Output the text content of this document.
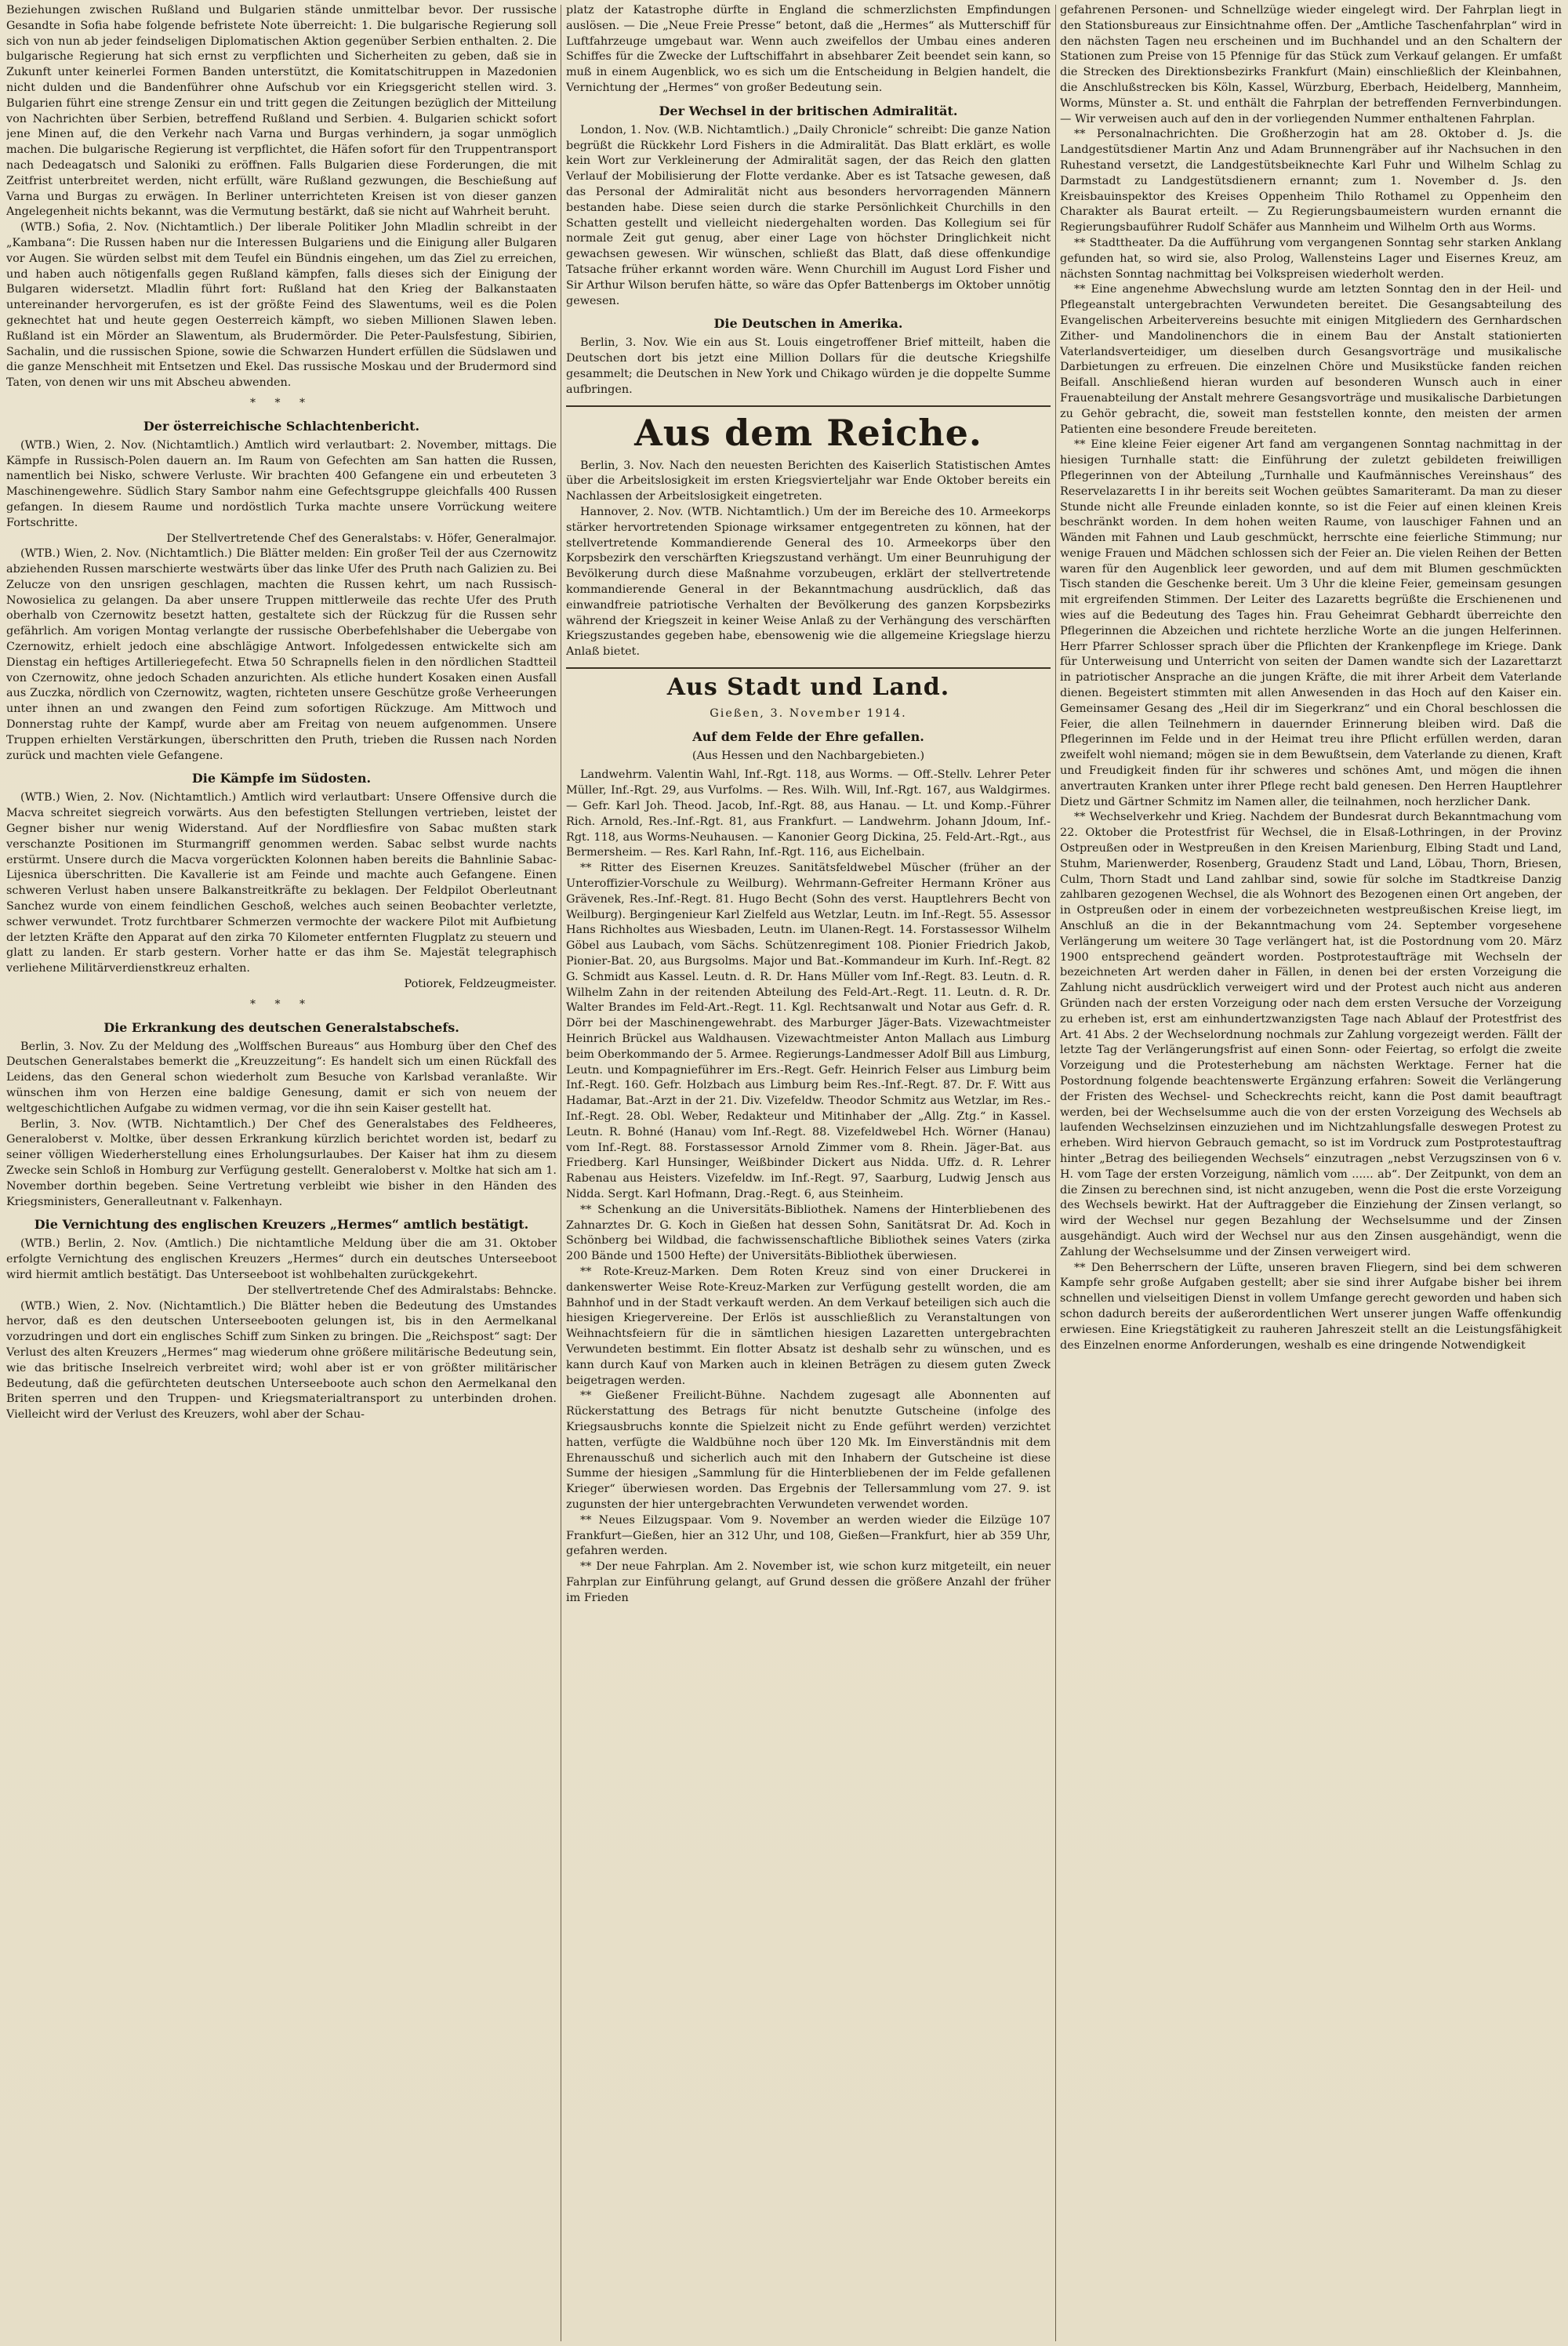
Beziehungen zwischen Rußland und Bulgarien stände unmittelbar bevor. Der russische Gesandte in Sofia habe folgende befristete Note überreicht: 1. Die bulgarische Regierung soll sich von nun ab jeder feindseligen Diplomatischen Aktion gegenüber Serbien enthalten. 2. Die bulgarische Regierung hat sich ernst zu verpflichten und Sicherheiten zu geben, daß sie in Zukunft unter keinerlei Formen Banden unterstützt, die Komitatschitruppen in Mazedonien nicht dulden und die Bandenführer ohne Aufschub vor ein Kriegsgericht stellen wird. 3. Bulgarien führt eine strenge Zensur ein und tritt gegen die Zeitungen bezüglich der Mitteilung von Nachrichten über Serbien, betreffend Rußland und Serbien. 4. Bulgarien schickt sofort jene Minen auf, die den Verkehr nach Varna und Burgas verhindern, ja sogar unmöglich machen. Die bulgarische Regierung ist verpflichtet, die Häfen sofort für den Truppentransport nach Dedeagatsch und Saloniki zu eröffnen. Falls Bulgarien diese Forderungen, die mit Zeitfrist unterbreitet werden, nicht erfüllt, wäre Rußland gezwungen, die Beschießung auf Varna und Burgas zu erwägen. In Berliner unterrichteten Kreisen ist von dieser ganzen Angelegenheit nichts bekannt, was die Vermutung bestärkt, daß sie nicht auf Wahrheit beruht.

(WTB.) Sofia, 2. Nov. (Nichtamtlich.) Der liberale Politiker John Mladlin schreibt in der „Kambana“: Die Russen haben nur die Interessen Bulgariens und die Einigung aller Bulgaren vor Augen. Sie würden selbst mit dem Teufel ein Bündnis eingehen, um das Ziel zu erreichen, und haben auch nötigenfalls gegen Rußland kämpfen, falls dieses sich der Einigung der Bulgaren widersetzt. Mladlin führt fort: Rußland hat den Krieg der Balkanstaaten untereinander hervorgerufen, es ist der größte Feind des Slawentums, weil es die Polen geknechtet hat und heute gegen Oesterreich kämpft, wo sieben Millionen Slawen leben. Rußland ist ein Mörder an Slawentum, als Brudermörder. Die Peter-Paulsfestung, Sibirien, Sachalin, und die russischen Spione, sowie die Schwarzen Hundert erfüllen die Südslawen und die ganze Menschheit mit Entsetzen und Ekel. Das russische Moskau und der Brudermord sind Taten, von denen wir uns mit Abscheu abwenden.

* * *
Der österreichische Schlachtenbericht.

(WTB.) Wien, 2. Nov. (Nichtamtlich.) Amtlich wird verlautbart: 2. November, mittags. Die Kämpfe in Russisch-Polen dauern an. Im Raum von Gefechten am San hatten die Russen, namentlich bei Nisko, schwere Verluste. Wir brachten 400 Gefangene ein und erbeuteten 3 Maschinengewehre. Südlich Stary Sambor nahm eine Gefechtsgruppe gleichfalls 400 Russen gefangen. In diesem Raume und nordöstlich Turka machte unsere Vorrückung weitere Fortschritte.

Der Stellvertretende Chef des Generalstabs: v. Höfer, Generalmajor.

(WTB.) Wien, 2. Nov. (Nichtamtlich.) Die Blätter melden: Ein großer Teil der aus Czernowitz abziehenden Russen marschierte westwärts über das linke Ufer des Pruth nach Galizien zu. Bei Zelucze von den unsrigen geschlagen, machten die Russen kehrt, um nach Russisch-Nowosielica zu gelangen. Da aber unsere Truppen mittlerweile das rechte Ufer des Pruth oberhalb von Czernowitz besetzt hatten, gestaltete sich der Rückzug für die Russen sehr gefährlich. Am vorigen Montag verlangte der russische Oberbefehlshaber die Uebergabe von Czernowitz, erhielt jedoch eine abschlägige Antwort. Infolgedessen entwickelte sich am Dienstag ein heftiges Artilleriegefecht. Etwa 50 Schrapnells fielen in den nördlichen Stadtteil von Czernowitz, ohne jedoch Schaden anzurichten. Als etliche hundert Kosaken einen Ausfall aus Zuczka, nördlich von Czernowitz, wagten, richteten unsere Geschütze große Verheerungen unter ihnen an und zwangen den Feind zum sofortigen Rückzuge. Am Mittwoch und Donnerstag ruhte der Kampf, wurde aber am Freitag von neuem aufgenommen. Unsere Truppen erhielten Verstärkungen, überschritten den Pruth, trieben die Russen nach Norden zurück und machten viele Gefangene.

Die Kämpfe im Südosten.

(WTB.) Wien, 2. Nov. (Nichtamtlich.) Amtlich wird verlautbart: Unsere Offensive durch die Macva schreitet siegreich vorwärts. Aus den befestigten Stellungen vertrieben, leistet der Gegner bisher nur wenig Widerstand. Auf der Nordfliesfire von Sabac mußten stark verschanzte Positionen im Sturmangriff genommen werden. Sabac selbst wurde nachts erstürmt. Unsere durch die Macva vorgerückten Kolonnen haben bereits die Bahnlinie Sabac-Lijesnica überschritten. Die Kavallerie ist am Feinde und machte auch Gefangene. Einen schweren Verlust haben unsere Balkanstreitkräfte zu beklagen. Der Feldpilot Oberleutnant Sanchez wurde von einem feindlichen Geschoß, welches auch seinen Beobachter verletzte, schwer verwundet. Trotz furchtbarer Schmerzen vermochte der wackere Pilot mit Aufbietung der letzten Kräfte den Apparat auf den zirka 70 Kilometer entfernten Flugplatz zu steuern und glatt zu landen. Er starb gestern. Vorher hatte er das ihm Se. Majestät telegraphisch verliehene Militärverdienstkreuz erhalten.

Potiorek, Feldzeugmeister.

* * *
Die Erkrankung des deutschen Generalstabschefs.

Berlin, 3. Nov. Zu der Meldung des „Wolffschen Bureaus“ aus Homburg über den Chef des Deutschen Generalstabes bemerkt die „Kreuzzeitung“: Es handelt sich um einen Rückfall des Leidens, das den General schon wiederholt zum Besuche von Karlsbad veranlaßte. Wir wünschen ihm von Herzen eine baldige Genesung, damit er sich von neuem der weltgeschichtlichen Aufgabe zu widmen vermag, vor die ihn sein Kaiser gestellt hat.

Berlin, 3. Nov. (WTB. Nichtamtlich.) Der Chef des Generalstabes des Feldheeres, Generaloberst v. Moltke, über dessen Erkrankung kürzlich berichtet worden ist, bedarf zu seiner völligen Wiederherstellung eines Erholungsurlaubes. Der Kaiser hat ihm zu diesem Zwecke sein Schloß in Homburg zur Verfügung gestellt. Generaloberst v. Moltke hat sich am 1. November dorthin begeben. Seine Vertretung verbleibt wie bisher in den Händen des Kriegsministers, Generalleutnant v. Falkenhayn.

Die Vernichtung des englischen Kreuzers „Hermes“ amtlich bestätigt.

(WTB.) Berlin, 2. Nov. (Amtlich.) Die nichtamtliche Meldung über die am 31. Oktober erfolgte Vernichtung des englischen Kreuzers „Hermes“ durch ein deutsches Unterseeboot wird hiermit amtlich bestätigt. Das Unterseeboot ist wohlbehalten zurückgekehrt.

Der stellvertretende Chef des Admiralstabs: Behncke.

(WTB.) Wien, 2. Nov. (Nichtamtlich.) Die Blätter heben die Bedeutung des Umstandes hervor, daß es den deutschen Unterseebooten gelungen ist, bis in den Aermelkanal vorzudringen und dort ein englisches Schiff zum Sinken zu bringen. Die „Reichspost“ sagt: Der Verlust des alten Kreuzers „Hermes“ mag wiederum ohne größere militärische Bedeutung sein, wie das britische Inselreich verbreitet wird; wohl aber ist er von größter militärischer Bedeutung, daß die gefürchteten deutschen Unterseeboote auch schon den Aermelkanal den Briten sperren und den Truppen- und Kriegsmaterialtransport zu unterbinden drohen. Vielleicht wird der Verlust des Kreuzers, wohl aber der Schau-

platz der Katastrophe dürfte in England die schmerzlichsten Empfindungen auslösen. — Die „Neue Freie Presse“ betont, daß die „Hermes“ als Mutterschiff für Luftfahrzeuge umgebaut war. Wenn auch zweifellos der Umbau eines anderen Schiffes für die Zwecke der Luftschiffahrt in absehbarer Zeit beendet sein kann, so muß in einem Augenblick, wo es sich um die Entscheidung in Belgien handelt, die Vernichtung der „Hermes“ von großer Bedeutung sein.

Der Wechsel in der britischen Admiralität.

London, 1. Nov. (W.B. Nichtamtlich.) „Daily Chronicle“ schreibt: Die ganze Nation begrüßt die Rückkehr Lord Fishers in die Admiralität. Das Blatt erklärt, es wolle kein Wort zur Verkleinerung der Admiralität sagen, der das Reich den glatten Verlauf der Mobilisierung der Flotte verdanke. Aber es ist Tatsache gewesen, daß das Personal der Admiralität nicht aus besonders hervorragenden Männern bestanden habe. Diese seien durch die starke Persönlichkeit Churchills in den Schatten gestellt und vielleicht niedergehalten worden. Das Kollegium sei für normale Zeit gut genug, aber einer Lage von höchster Dringlichkeit nicht gewachsen gewesen. Wir wünschen, schließt das Blatt, daß diese offenkundige Tatsache früher erkannt worden wäre. Wenn Churchill im August Lord Fisher und Sir Arthur Wilson berufen hätte, so wäre das Opfer Battenbergs im Oktober unnötig gewesen.

Die Deutschen in Amerika.

Berlin, 3. Nov. Wie ein aus St. Louis eingetroffener Brief mitteilt, haben die Deutschen dort bis jetzt eine Million Dollars für die deutsche Kriegshilfe gesammelt; die Deutschen in New York und Chikago würden je die doppelte Summe aufbringen.

Aus dem Reiche.

Berlin, 3. Nov. Nach den neuesten Berichten des Kaiserlich Statistischen Amtes über die Arbeitslosigkeit im ersten Kriegsvierteljahr war Ende Oktober bereits ein Nachlassen der Arbeitslosigkeit eingetreten.

Hannover, 2. Nov. (WTB. Nichtamtlich.) Um der im Bereiche des 10. Armeekorps stärker hervortretenden Spionage wirksamer entgegentreten zu können, hat der stellvertretende Kommandierende General des 10. Armeekorps über den Korpsbezirk den verschärften Kriegszustand verhängt. Um einer Beunruhigung der Bevölkerung durch diese Maßnahme vorzubeugen, erklärt der stellvertretende kommandierende General in der Bekanntmachung ausdrücklich, daß das einwandfreie patriotische Verhalten der Bevölkerung des ganzen Korpsbezirks während der Kriegszeit in keiner Weise Anlaß zu der Verhängung des verschärften Kriegszustandes gegeben habe, ebensowenig wie die allgemeine Kriegslage hierzu Anlaß bietet.

Aus Stadt und Land.
Gießen, 3. November 1914.
Auf dem Felde der Ehre gefallen.
(Aus Hessen und den Nachbargebieten.)

Landwehrm. Valentin Wahl, Inf.-Rgt. 118, aus Worms. — Off.-Stellv. Lehrer Peter Müller, Inf.-Rgt. 29, aus Vurfolms. — Res. Wilh. Will, Inf.-Rgt. 167, aus Waldgirmes. — Gefr. Karl Joh. Theod. Jacob, Inf.-Rgt. 88, aus Hanau. — Lt. und Komp.-Führer Rich. Arnold, Res.-Inf.-Rgt. 81, aus Frankfurt. — Landwehrm. Johann Jdoum, Inf.-Rgt. 118, aus Worms-Neuhausen. — Kanonier Georg Dickina, 25. Feld-Art.-Rgt., aus Bermersheim. — Res. Karl Rahn, Inf.-Rgt. 116, aus Eichelbain.

** Ritter des Eisernen Kreuzes. Sanitätsfeldwebel Müscher (früher an der Unteroffizier-Vorschule zu Weilburg). Wehrmann-Gefreiter Hermann Kröner aus Grävenek, Res.-Inf.-Regt. 81. Hugo Becht (Sohn des verst. Hauptlehrers Becht von Weilburg). Bergingenieur Karl Zielfeld aus Wetzlar, Leutn. im Inf.-Regt. 55. Assessor Hans Richholtes aus Wiesbaden, Leutn. im Ulanen-Regt. 14. Forstassessor Wilhelm Göbel aus Laubach, vom Sächs. Schützenregiment 108. Pionier Friedrich Jakob, Pionier-Bat. 20, aus Burgsolms. Major und Bat.-Kommandeur im Kurh. Inf.-Regt. 82 G. Schmidt aus Kassel. Leutn. d. R. Dr. Hans Müller vom Inf.-Regt. 83. Leutn. d. R. Wilhelm Zahn in der reitenden Abteilung des Feld-Art.-Regt. 11. Leutn. d. R. Dr. Walter Brandes im Feld-Art.-Regt. 11. Kgl. Rechtsanwalt und Notar aus Gefr. d. R. Dörr bei der Maschinengewehrabt. des Marburger Jäger-Bats. Vizewachtmeister Heinrich Brückel aus Waldhausen. Vizewachtmeister Anton Mallach aus Limburg beim Oberkommando der 5. Armee. Regierungs-Landmesser Adolf Bill aus Limburg, Leutn. und Kompagnieführer im Ers.-Regt. Gefr. Heinrich Felser aus Limburg beim Inf.-Regt. 160. Gefr. Holzbach aus Limburg beim Res.-Inf.-Regt. 87. Dr. F. Witt aus Hadamar, Bat.-Arzt in der 21. Div. Vizefeldw. Theodor Schmitz aus Wetzlar, im Res.-Inf.-Regt. 28. Obl. Weber, Redakteur und Mitinhaber der „Allg. Ztg.“ in Kassel. Leutn. R. Bohné (Hanau) vom Inf.-Regt. 88. Vizefeldwebel Hch. Wörner (Hanau) vom Inf.-Regt. 88. Forstassessor Arnold Zimmer vom 8. Rhein. Jäger-Bat. aus Friedberg. Karl Hunsinger, Weißbinder Dickert aus Nidda. Uffz. d. R. Lehrer Rabenau aus Heisters. Vizefeldw. im Inf.-Regt. 97, Saarburg, Ludwig Jensch aus Nidda. Sergt. Karl Hofmann, Drag.-Regt. 6, aus Steinheim.

** Schenkung an die Universitäts-Bibliothek. Namens der Hinterbliebenen des Zahnarztes Dr. G. Koch in Gießen hat dessen Sohn, Sanitätsrat Dr. Ad. Koch in Schönberg bei Wildbad, die fachwissenschaftliche Bibliothek seines Vaters (zirka 200 Bände und 1500 Hefte) der Universitäts-Bibliothek überwiesen.

** Rote-Kreuz-Marken. Dem Roten Kreuz sind von einer Druckerei in dankenswerter Weise Rote-Kreuz-Marken zur Verfügung gestellt worden, die am Bahnhof und in der Stadt verkauft werden. An dem Verkauf beteiligen sich auch die hiesigen Kriegervereine. Der Erlös ist ausschließlich zu Veranstaltungen von Weihnachtsfeiern für die in sämtlichen hiesigen Lazaretten untergebrachten Verwundeten bestimmt. Ein flotter Absatz ist deshalb sehr zu wünschen, und es kann durch Kauf von Marken auch in kleinen Beträgen zu diesem guten Zweck beigetragen werden.

** Gießener Freilicht-Bühne. Nachdem zugesagt alle Abonnenten auf Rückerstattung des Betrags für nicht benutzte Gutscheine (infolge des Kriegsausbruchs konnte die Spielzeit nicht zu Ende geführt werden) verzichtet hatten, verfügte die Waldbühne noch über 120 Mk. Im Einverständnis mit dem Ehrenausschuß und sicherlich auch mit den Inhabern der Gutscheine ist diese Summe der hiesigen „Sammlung für die Hinterbliebenen der im Felde gefallenen Krieger“ überwiesen worden. Das Ergebnis der Tellersammlung vom 27. 9. ist zugunsten der hier untergebrachten Verwundeten verwendet worden.

** Neues Eilzugspaar. Vom 9. November an werden wieder die Eilzüge 107 Frankfurt—Gießen, hier an 312 Uhr, und 108, Gießen—Frankfurt, hier ab 359 Uhr, gefahren werden.

** Der neue Fahrplan. Am 2. November ist, wie schon kurz mitgeteilt, ein neuer Fahrplan zur Einführung gelangt, auf Grund dessen die größere Anzahl der früher im Frieden

gefahrenen Personen- und Schnellzüge wieder eingelegt wird. Der Fahrplan liegt in den Stationsbureaus zur Einsichtnahme offen. Der „Amtliche Taschenfahrplan“ wird in den nächsten Tagen neu erscheinen und im Buchhandel und an den Schaltern der Stationen zum Preise von 15 Pfennige für das Stück zum Verkauf gelangen. Er umfaßt die Strecken des Direktionsbezirks Frankfurt (Main) einschließlich der Kleinbahnen, die Anschlußstrecken bis Köln, Kassel, Würzburg, Eberbach, Heidelberg, Mannheim, Worms, Münster a. St. und enthält die Fahrplan der betreffenden Fernverbindungen. — Wir verweisen auch auf den in der vorliegenden Nummer enthaltenen Fahrplan.

** Personalnachrichten. Die Großherzogin hat am 28. Oktober d. Js. die Landgestütsdiener Martin Anz und Adam Brunnengräber auf ihr Nachsuchen in den Ruhestand versetzt, die Landgestütsbeiknechte Karl Fuhr und Wilhelm Schlag zu Darmstadt zu Landgestütsdienern ernannt; zum 1. November d. Js. den Kreisbauinspektor des Kreises Oppenheim Thilo Rothamel zu Oppenheim den Charakter als Baurat erteilt. — Zu Regierungsbaumeistern wurden ernannt die Regierungsbauführer Rudolf Schäfer aus Mannheim und Wilhelm Orth aus Worms.

** Stadttheater. Da die Aufführung vom vergangenen Sonntag sehr starken Anklang gefunden hat, so wird sie, also Prolog, Wallensteins Lager und Eisernes Kreuz, am nächsten Sonntag nachmittag bei Volkspreisen wiederholt werden.

** Eine angenehme Abwechslung wurde am letzten Sonntag den in der Heil- und Pflegeanstalt untergebrachten Verwundeten bereitet. Die Gesangsabteilung des Evangelischen Arbeitervereins besuchte mit einigen Mitgliedern des Gernhardschen Zither- und Mandolinenchors die in einem Bau der Anstalt stationierten Vaterlandsverteidiger, um dieselben durch Gesangsvorträge und musikalische Darbietungen zu erfreuen. Die einzelnen Chöre und Musikstücke fanden reichen Beifall. Anschließend hieran wurden auf besonderen Wunsch auch in einer Frauenabteilung der Anstalt mehrere Gesangsvorträge und musikalische Darbietungen zu Gehör gebracht, die, soweit man feststellen konnte, den meisten der armen Patienten eine besondere Freude bereiteten.

** Eine kleine Feier eigener Art fand am vergangenen Sonntag nachmittag in der hiesigen Turnhalle statt: die Einführung der zuletzt gebildeten freiwilligen Pflegerinnen von der Abteilung „Turnhalle und Kaufmännisches Vereinshaus“ des Reservelazaretts I in ihr bereits seit Wochen geübtes Samariteramt. Da man zu dieser Stunde nicht alle Freunde einladen konnte, so ist die Feier auf einen kleinen Kreis beschränkt worden. In dem hohen weiten Raume, von lauschiger Fahnen und an Wänden mit Fahnen und Laub geschmückt, herrschte eine feierliche Stimmung; nur wenige Frauen und Mädchen schlossen sich der Feier an. Die vielen Reihen der Betten waren für den Augenblick leer geworden, und auf dem mit Blumen geschmückten Tisch standen die Geschenke bereit. Um 3 Uhr die kleine Feier, gemeinsam gesungen mit ergreifenden Stimmen. Der Leiter des Lazaretts begrüßte die Erschienenen und wies auf die Bedeutung des Tages hin. Frau Geheimrat Gebhardt überreichte den Pflegerinnen die Abzeichen und richtete herzliche Worte an die jungen Helferinnen. Herr Pfarrer Schlosser sprach über die Pflichten der Krankenpflege im Kriege. Dank für Unterweisung und Unterricht von seiten der Damen wandte sich der Lazarettarzt in patriotischer Ansprache an die jungen Kräfte, die mit ihrer Arbeit dem Vaterlande dienen. Begeistert stimmten mit allen Anwesenden in das Hoch auf den Kaiser ein. Gemeinsamer Gesang des „Heil dir im Siegerkranz“ und ein Choral beschlossen die Feier, die allen Teilnehmern in dauernder Erinnerung bleiben wird. Daß die Pflegerinnen im Felde und in der Heimat treu ihre Pflicht erfüllen werden, daran zweifelt wohl niemand; mögen sie in dem Bewußtsein, dem Vaterlande zu dienen, Kraft und Freudigkeit finden für ihr schweres und schönes Amt, und mögen die ihnen anvertrauten Kranken unter ihrer Pflege recht bald genesen. Den Herren Hauptlehrer Dietz und Gärtner Schmitz im Namen aller, die teilnahmen, noch herzlicher Dank.

** Wechselverkehr und Krieg. Nachdem der Bundesrat durch Bekanntmachung vom 22. Oktober die Protestfrist für Wechsel, die in Elsaß-Lothringen, in der Provinz Ostpreußen oder in Westpreußen in den Kreisen Marienburg, Elbing Stadt und Land, Stuhm, Marienwerder, Rosenberg, Graudenz Stadt und Land, Löbau, Thorn, Briesen, Culm, Thorn Stadt und Land zahlbar sind, sowie für solche im Stadtkreise Danzig zahlbaren gezogenen Wechsel, die als Wohnort des Bezogenen einen Ort angeben, der in Ostpreußen oder in einem der vorbezeichneten westpreußischen Kreise liegt, im Anschluß an die in der Bekanntmachung vom 24. September vorgesehene Verlängerung um weitere 30 Tage verlängert hat, ist die Postordnung vom 20. März 1900 entsprechend geändert worden. Postprotestaufträge mit Wechseln der bezeichneten Art werden daher in Fällen, in denen bei der ersten Vorzeigung die Zahlung nicht ausdrücklich verweigert wird und der Protest auch nicht aus anderen Gründen nach der ersten Vorzeigung oder nach dem ersten Versuche der Vorzeigung zu erheben ist, erst am einhundertzwanzigsten Tage nach Ablauf der Protestfrist des Art. 41 Abs. 2 der Wechselordnung nochmals zur Zahlung vorgezeigt werden. Fällt der letzte Tag der Verlängerungsfrist auf einen Sonn- oder Feiertag, so erfolgt die zweite Vorzeigung und die Protesterhebung am nächsten Werktage. Ferner hat die Postordnung folgende beachtenswerte Ergänzung erfahren: Soweit die Verlängerung der Fristen des Wechsel- und Scheckrechts reicht, kann die Post damit beauftragt werden, bei der Wechselsumme auch die von der ersten Vorzeigung des Wechsels ab laufenden Wechselzinsen einzuziehen und im Nichtzahlungsfalle deswegen Protest zu erheben. Wird hiervon Gebrauch gemacht, so ist im Vordruck zum Postprotestauftrag hinter „Betrag des beiliegenden Wechsels“ einzutragen „nebst Verzugszinsen von 6 v. H. vom Tage der ersten Vorzeigung, nämlich vom ...... ab“. Der Zeitpunkt, von dem an die Zinsen zu berechnen sind, ist nicht anzugeben, wenn die Post die erste Vorzeigung des Wechsels bewirkt. Hat der Auftraggeber die Einziehung der Zinsen verlangt, so wird der Wechsel nur gegen Bezahlung der Wechselsumme und der Zinsen ausgehändigt. Auch wird der Wechsel nur aus den Zinsen ausgehändigt, wenn die Zahlung der Wechselsumme und der Zinsen verweigert wird.

** Den Beherrschern der Lüfte, unseren braven Fliegern, sind bei dem schweren Kampfe sehr große Aufgaben gestellt; aber sie sind ihrer Aufgabe bisher bei ihrem schnellen und vielseitigen Dienst in vollem Umfange gerecht geworden und haben sich schon dadurch bereits der außerordentlichen Wert unserer jungen Waffe offenkundig erwiesen. Eine Kriegstätigkeit zu rauheren Jahreszeit stellt an die Leistungsfähigkeit des Einzelnen enorme Anforderungen, weshalb es eine dringende Notwendigkeit
